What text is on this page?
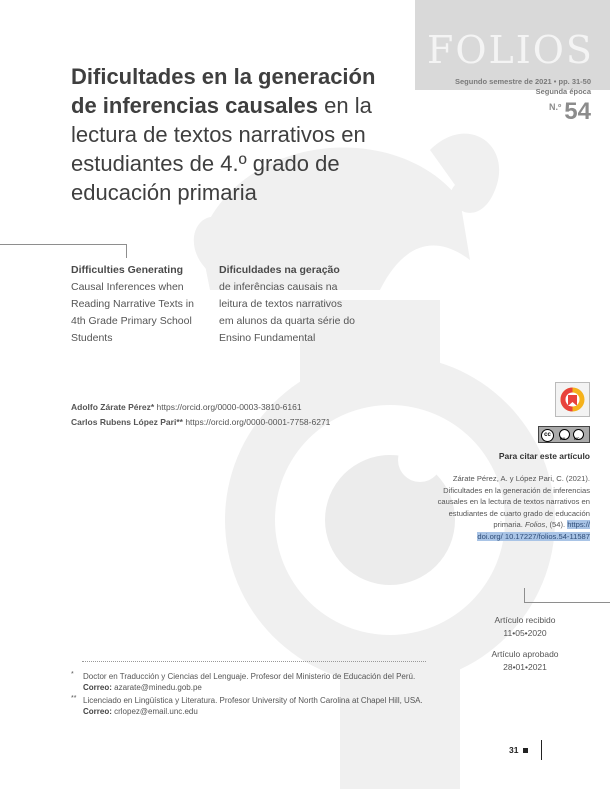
FOLIOS
Segundo semestre de 2021 • pp. 31-50
Segunda época
$^{N.º}$ 54
Dificultades en la generación de inferencias causales en la lectura de textos narrativos en estudiantes de 4.º grado de educación primaria
Difficulties Generating
Causal Inferences when Reading Narrative Texts in 4th Grade Primary School Students
Dificuldades na geração
de inferências causais na leitura de textos narrativos em alunos da quarta série do Ensino Fundamental
Adolfo Zárate Pérez* https://orcid.org/0000-0003-3810-6161
Carlos Rubens López Pari** https://orcid.org/0000-0001-7758-6271
cc
BY NC
Para citar este artículo
Zárate Pérez, A. y López Pari, C. (2021). Dificultades en la generación de inferencias causales en la lectura de textos narrativos en estudiantes de cuarto grado de educación primaria. Folios, (54). https://
doi.org/ 10.17227/folios.54-11587
Artículo recibido
11•05•2020
Artículo aprobado
28•01•2021
* Doctor en Traducción y Ciencias del Lenguaje. Profesor del Ministerio de Educación del Perú. Correo: azarate@minedu.gob.pe
** Licenciado en Lingüística y Literatura. Profesor University of North Carolina at Chapel Hill, USA. Correo: crlopez@email.unc.edu
31
